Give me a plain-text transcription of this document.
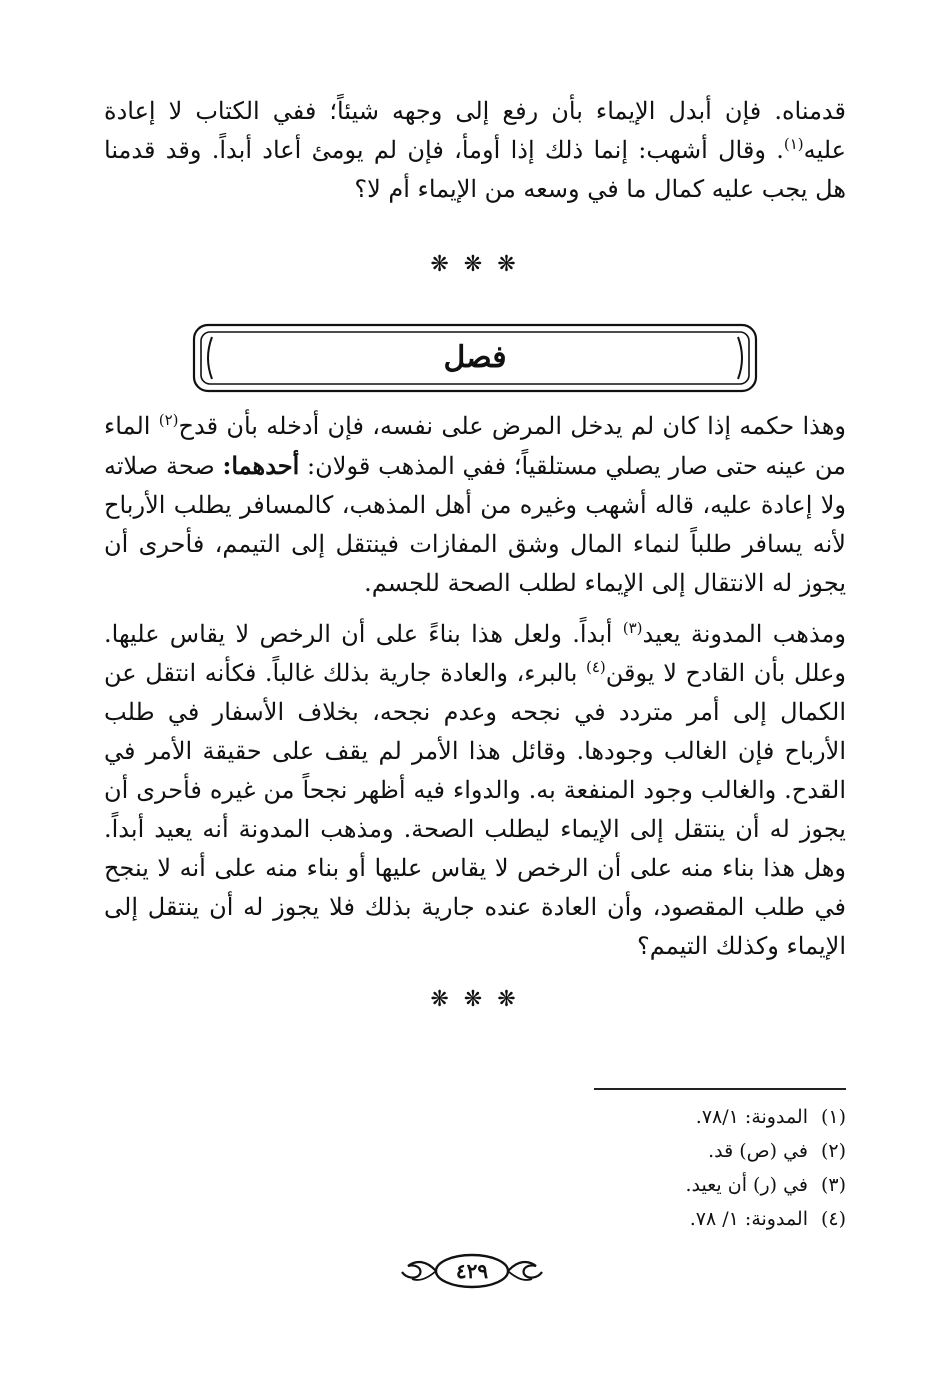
قدمناه. فإن أبدل الإيماء بأن رفع إلى وجهه شيئاً؛ ففي الكتاب لا إعادة عليه$^{(١)}$. وقال أشهب: إنما ذلك إذا أومأ، فإن لم يومئ أعاد أبداً. وقد قدمنا هل يجب عليه كمال ما في وسعه من الإيماء أم لا؟

❋ ❋ ❋
فصل

وهذا حكمه إذا كان لم يدخل المرض على نفسه، فإن أدخله بأن قدح$^{(٢)}$ الماء من عينه حتى صار يصلي مستلقياً؛ ففي المذهب قولان: أحدهما: صحة صلاته ولا إعادة عليه، قاله أشهب وغيره من أهل المذهب، كالمسافر يطلب الأرباح لأنه يسافر طلباً لنماء المال وشق المفازات فينتقل إلى التيمم، فأحرى أن يجوز له الانتقال إلى الإيماء لطلب الصحة للجسم.

ومذهب المدونة يعيد$^{(٣)}$ أبداً. ولعل هذا بناءً على أن الرخص لا يقاس عليها. وعلل بأن القادح لا يوقن$^{(٤)}$ بالبرء، والعادة جارية بذلك غالباً. فكأنه انتقل عن الكمال إلى أمر متردد في نجحه وعدم نجحه، بخلاف الأسفار في طلب الأرباح فإن الغالب وجودها. وقائل هذا الأمر لم يقف على حقيقة الأمر في القدح. والغالب وجود المنفعة به. والدواء فيه أظهر نجحاً من غيره فأحرى أن يجوز له أن ينتقل إلى الإيماء ليطلب الصحة. ومذهب المدونة أنه يعيد أبداً. وهل هذا بناء منه على أن الرخص لا يقاس عليها أو بناء منه على أنه لا ينجح في طلب المقصود، وأن العادة عنده جارية بذلك فلا يجوز له أن ينتقل إلى الإيماء وكذلك التيمم؟

❋ ❋ ❋
(١)المدونة: ٧٨/١.
(٢)في (ص) قد.
(٣)في (ر) أن يعيد.
(٤)المدونة: ١/ ٧٨.
٤٢٩
